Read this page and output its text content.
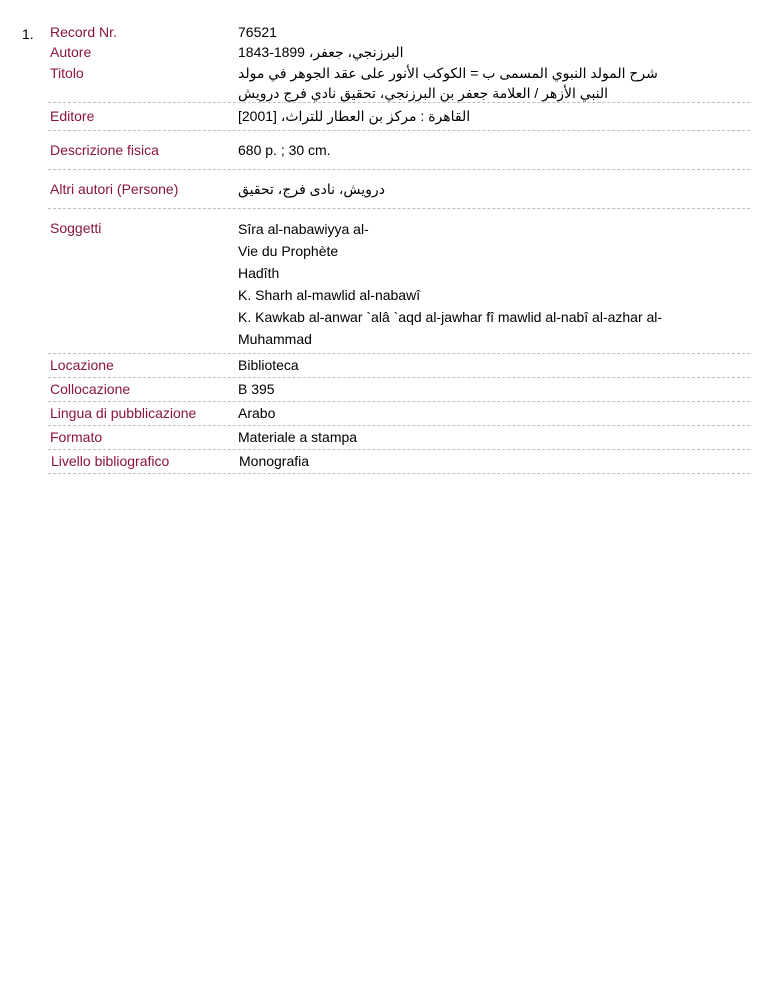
1. Record Nr.	76521
Autore	البرزنجي، جعفر، 1899-1843
Titolo	شرح المولد النبوي المسمى ب = الكوكب الأنور على عقد الجوهر في مولد
النبي الأزهر / العلامة جعفر بن البرزنجي، تحقيق نادي فرج درويش
Editore	القاهرة : مركز بن العطار للتراث، [2001]
Descrizione fisica	680 p. ; 30 cm.
Altri autori (Persone)	درويش، نادى فرج، تحقيق
Soggetti	Sîra al-nabawiyya al-
Vie du Prophète
Hadîth
K. Sharh al-mawlid al-nabawî
K. Kawkab al-anwar `alâ `aqd al-jawhar fî mawlid al-nabî al-azhar al-
Muhammad
Locazione	Biblioteca
Collocazione	B 395
Lingua di pubblicazione	Arabo
Formato	Materiale a stampa
Livello bibliografico	Monografia
